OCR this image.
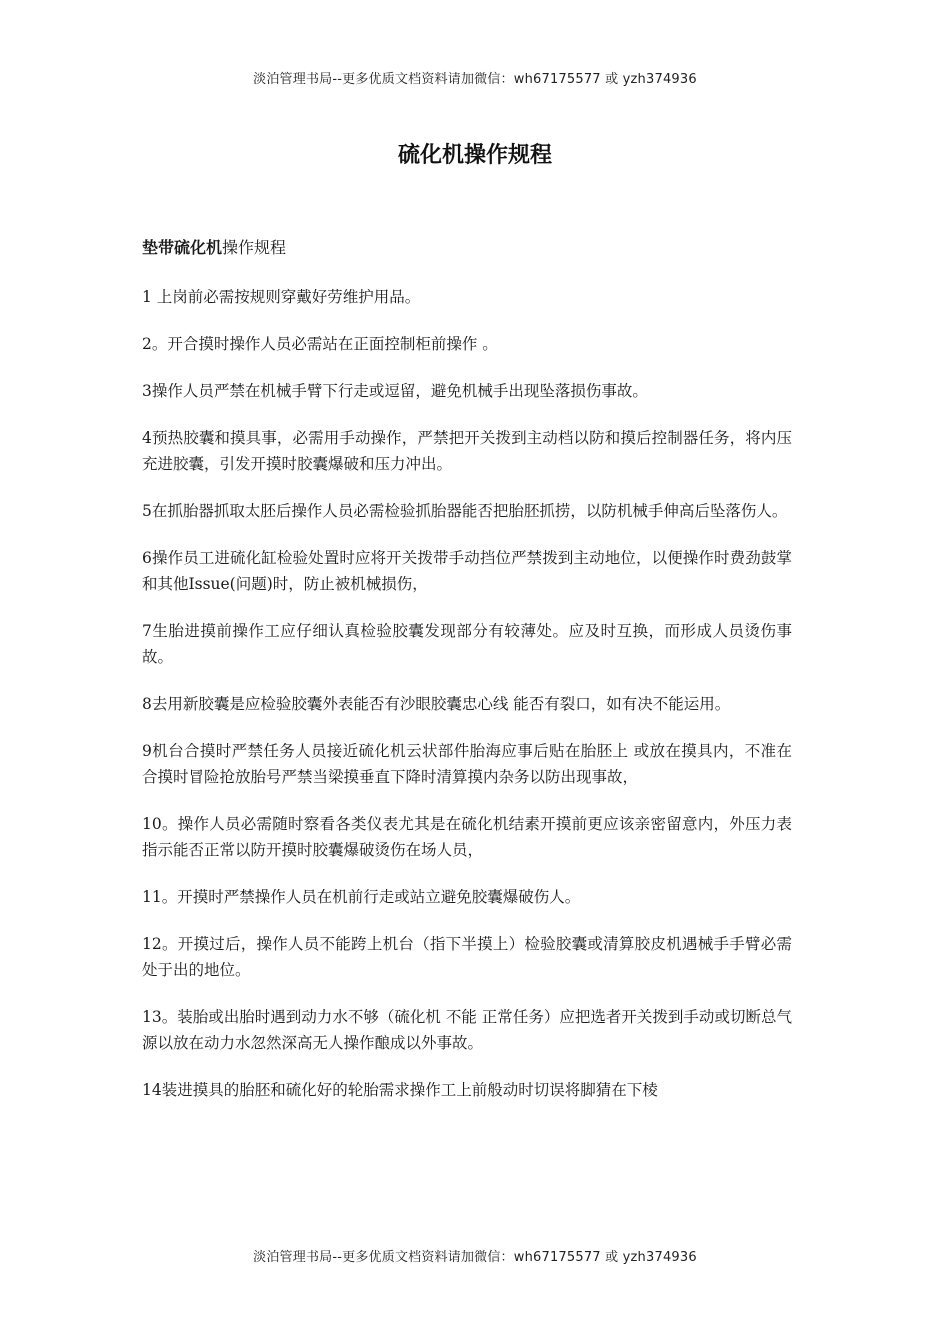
淡泊管理书局--更多优质文档资料请加微信：wh67175577 或 yzh374936
硫化机操作规程
垫带硫化机操作规程

1 上岗前必需按规则穿戴好劳维护用品。

2。开合摸时操作人员必需站在正面控制柜前操作 。

3操作人员严禁在机械手臂下行走或逗留，避免机械手出现坠落损伤事故。

4预热胶囊和摸具事，必需用手动操作，严禁把开关拨到主动档以防和摸后控制器任务，将内压充进胶囊，引发开摸时胶囊爆破和压力冲出。

5在抓胎器抓取太胚后操作人员必需检验抓胎器能否把胎胚抓捞，以防机械手伸高后坠落伤人。

6操作员工进硫化缸检验处置时应将开关拨带手动挡位严禁拨到主动地位，以便操作时费劲鼓掌和其他Issue(问题)时，防止被机械损伤，

7生胎进摸前操作工应仔细认真检验胶囊发现部分有较薄处。应及时互换，而形成人员烫伤事故。

8去用新胶囊是应检验胶囊外表能否有沙眼胶囊忠心线 能否有裂口，如有决不能运用。

9机台合摸时严禁任务人员接近硫化机云状部件胎海应事后贴在胎胚上 或放在摸具内，不准在合摸时冒险抢放胎号严禁当梁摸垂直下降时清算摸内杂务以防出现事故，

10。操作人员必需随时察看各类仪表尤其是在硫化机结素开摸前更应该亲密留意内，外压力表指示能否正常以防开摸时胶囊爆破烫伤在场人员，

11。开摸时严禁操作人员在机前行走或站立避免胶囊爆破伤人。

12。开摸过后，操作人员不能跨上机台（指下半摸上）检验胶囊或清算胶皮机遇械手手臂必需处于出的地位。

13。装胎或出胎时遇到动力水不够（硫化机 不能 正常任务）应把选者开关拨到手动或切断总气源以放在动力水忽然深高无人操作酿成以外事故。

14装进摸具的胎胚和硫化好的轮胎需求操作工上前般动时切误将脚猜在下棱

淡泊管理书局--更多优质文档资料请加微信：wh67175577 或 yzh374936
